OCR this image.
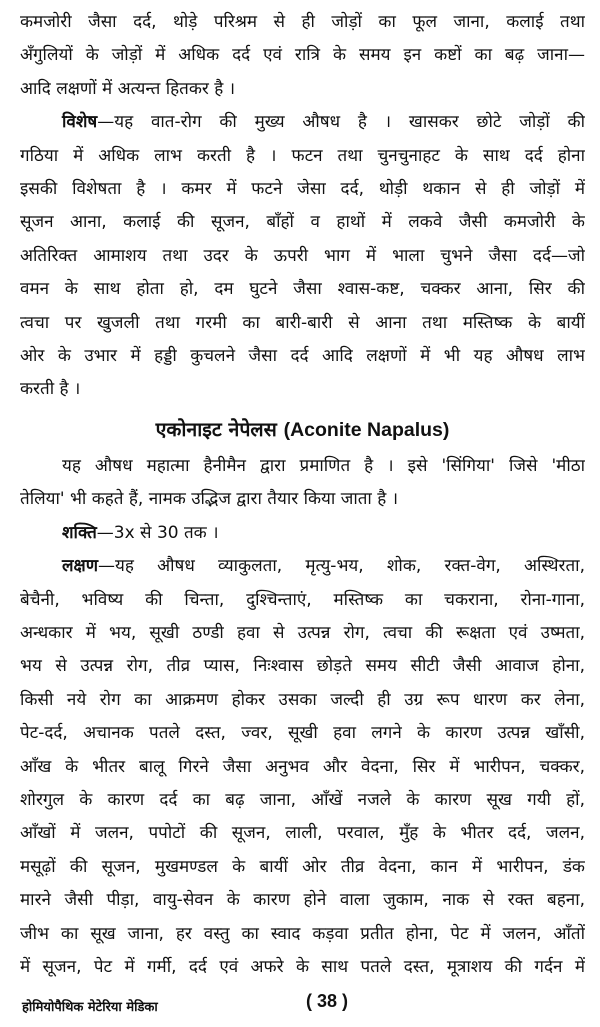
कमजोरी जैसा दर्द, थोड़े परिश्रम से ही जोड़ों का फूल जाना, कलाई तथा
अँगुलियों के जोड़ों में अधिक दर्द एवं रात्रि के समय इन कष्टों का बढ़ जाना—
आदि लक्षणों में अत्यन्त हितकर है ।
विशेष—यह वात-रोग की मुख्य औषध है । खासकर छोटे जोड़ों की
गठिया में अधिक लाभ करती है । फटन तथा चुनचुनाहट के साथ दर्द होना
इसकी विशेषता है । कमर में फटने जेसा दर्द, थोड़ी थकान से ही जोड़ों में
सूजन आना, कलाई की सूजन, बाँहों व हाथों में लकवे जैसी कमजोरी के
अतिरिक्त आमाशय तथा उदर के ऊपरी भाग में भाला चुभने जैसा दर्द—जो
वमन के साथ होता हो, दम घुटने जैसा श्वास-कष्ट, चक्कर आना, सिर की
त्वचा पर खुजली तथा गरमी का बारी-बारी से आना तथा मस्तिष्क के बायीं
ओर के उभार में हड्डी कुचलने जैसा दर्द आदि लक्षणों में भी यह औषध लाभ
करती है ।
एकोनाइट नेपेलस (Aconite Napalus)
यह औषध महात्मा हैनीमैन द्वारा प्रमाणित है । इसे 'सिंगिया' जिसे 'मीठा
तेलिया' भी कहते हैं, नामक उद्भिज द्वारा तैयार किया जाता है ।
शक्ति—3x से 30 तक ।
लक्षण—यह औषध व्याकुलता, मृत्यु-भय, शोक, रक्त-वेग, अस्थिरता,
बेचैनी, भविष्य की चिन्ता, दुश्चिन्ताएं, मस्तिष्क का चकराना, रोना-गाना,
अन्धकार में भय, सूखी ठण्डी हवा से उत्पन्न रोग, त्वचा की रूक्षता एवं उष्मता,
भय से उत्पन्न रोग, तीव्र प्यास, निःश्वास छोड़ते समय सीटी जैसी आवाज होना,
किसी नये रोग का आक्रमण होकर उसका जल्दी ही उग्र रूप धारण कर लेना,
पेट-दर्द, अचानक पतले दस्त, ज्वर, सूखी हवा लगने के कारण उत्पन्न खाँसी,
आँख के भीतर बालू गिरने जैसा अनुभव और वेदना, सिर में भारीपन, चक्कर,
शोरगुल के कारण दर्द का बढ़ जाना, आँखें नजले के कारण सूख गयी हों,
आँखों में जलन, पपोटों की सूजन, लाली, परवाल, मुँह के भीतर दर्द, जलन,
मसूढ़ों की सूजन, मुखमण्डल के बायीं ओर तीव्र वेदना, कान में भारीपन, डंक
मारने जैसी पीड़ा, वायु-सेवन के कारण होने वाला जुकाम, नाक से रक्त बहना,
जीभ का सूख जाना, हर वस्तु का स्वाद कड़वा प्रतीत होना, पेट में जलन, आँतों
में सूजन, पेट में गर्मी, दर्द एवं अफरे के साथ पतले दस्त, मूत्राशय की गर्दन में
होमियोपैथिक मेटेरिया मेडिका	( 38 )
